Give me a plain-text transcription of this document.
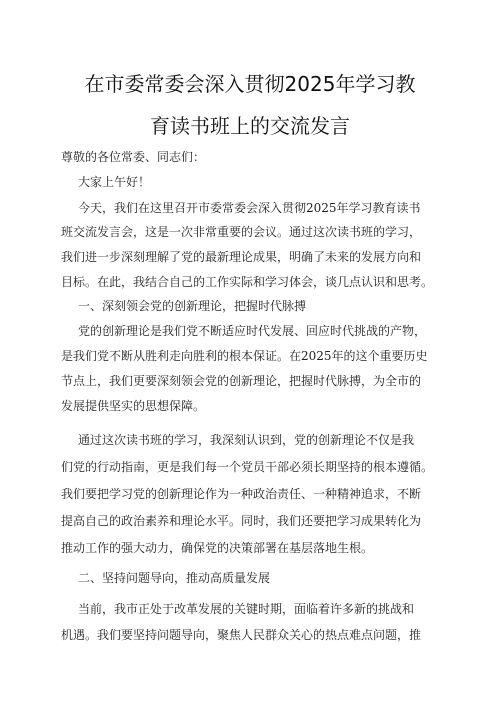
在市委常委会深入贯彻2025年学习教
育读书班上的交流发言
尊敬的各位常委、同志们：
大家上午好！
今天，我们在这里召开市委常委会深入贯彻2025年学习教育读书
班交流发言会，这是一次非常重要的会议。通过这次读书班的学习，
我们进一步深刻理解了党的最新理论成果，明确了未来的发展方向和
目标。在此，我结合自己的工作实际和学习体会，谈几点认识和思考。
一、深刻领会党的创新理论，把握时代脉搏
党的创新理论是我们党不断适应时代发展、回应时代挑战的产物，
是我们党不断从胜利走向胜利的根本保证。在2025年的这个重要历史
节点上，我们更要深刻领会党的创新理论，把握时代脉搏，为全市的
发展提供坚实的思想保障。
通过这次读书班的学习，我深刻认识到，党的创新理论不仅是我
们党的行动指南，更是我们每一个党员干部必须长期坚持的根本遵循。
我们要把学习党的创新理论作为一种政治责任、一种精神追求，不断
提高自己的政治素养和理论水平。同时，我们还要把学习成果转化为
推动工作的强大动力，确保党的决策部署在基层落地生根。
二、坚持问题导向，推动高质量发展
当前，我市正处于改革发展的关键时期，面临着许多新的挑战和
机遇。我们要坚持问题导向，聚焦人民群众关心的热点难点问题，推
